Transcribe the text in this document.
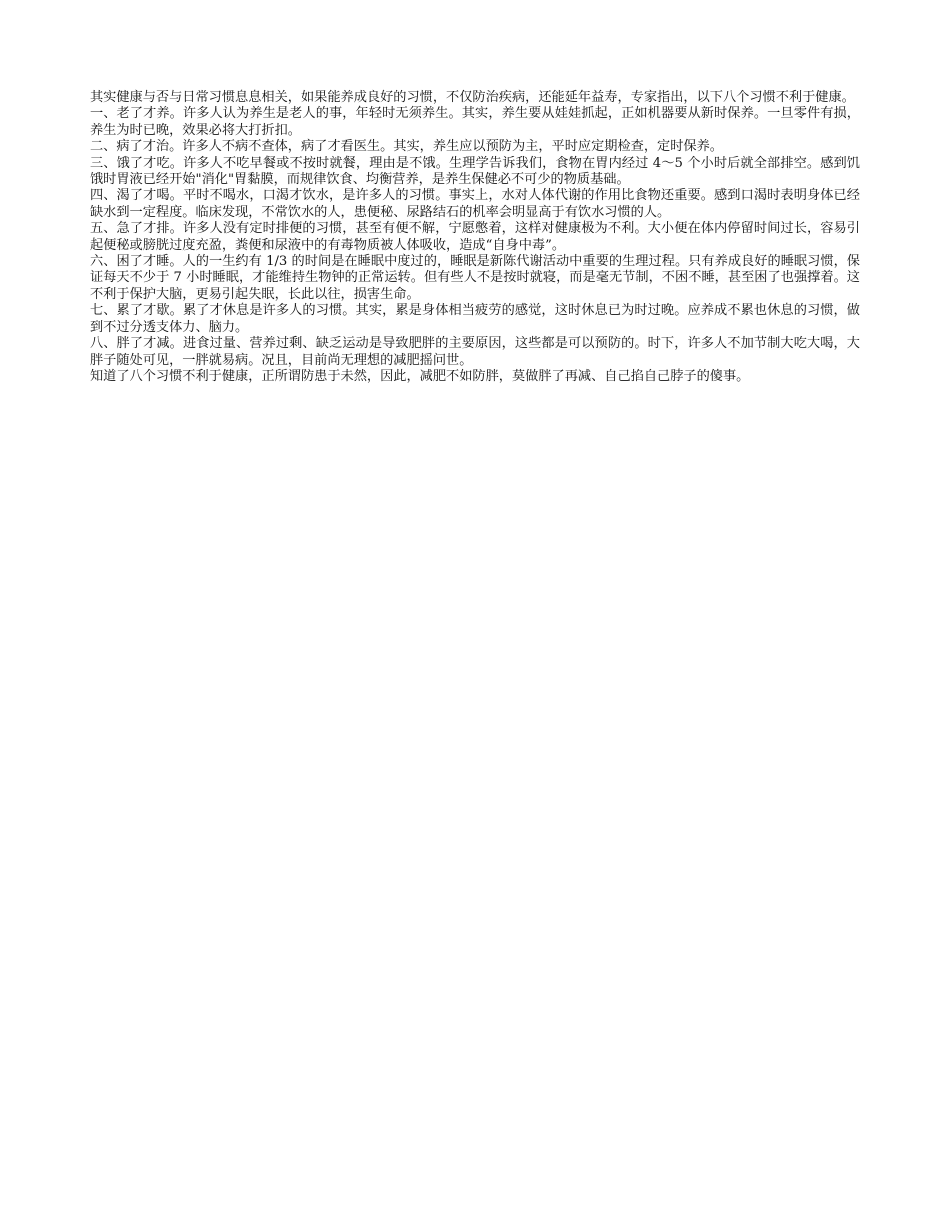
其实健康与否与日常习惯息息相关，如果能养成良好的习惯，不仅防治疾病，还能延年益寿，专家指出，以下八个习惯不利于健康。

一、老了才养。许多人认为养生是老人的事，年轻时无须养生。其实，养生要从娃娃抓起，正如机器要从新时保养。一旦零件有损，养生为时已晚，效果必将大打折扣。

二、病了才治。许多人不病不查体，病了才看医生。其实，养生应以预防为主，平时应定期检查，定时保养。

三、饿了才吃。许多人不吃早餐或不按时就餐，理由是不饿。生理学告诉我们，食物在胃内经过 4～5 个小时后就全部排空。感到饥饿时胃液已经开始"消化"胃黏膜，而规律饮食、均衡营养，是养生保健必不可少的物质基础。

四、渴了才喝。平时不喝水，口渴才饮水，是许多人的习惯。事实上，水对人体代谢的作用比食物还重要。感到口渴时表明身体已经缺水到一定程度。临床发现，不常饮水的人，患便秘、尿路结石的机率会明显高于有饮水习惯的人。

五、急了才排。许多人没有定时排便的习惯，甚至有便不解，宁愿憋着，这样对健康极为不利。大小便在体内停留时间过长，容易引起便秘或膀胱过度充盈，粪便和尿液中的有毒物质被人体吸收，造成“自身中毒”。

六、困了才睡。人的一生约有 1/3 的时间是在睡眠中度过的，睡眠是新陈代谢活动中重要的生理过程。只有养成良好的睡眠习惯，保证每天不少于 7 小时睡眠，才能维持生物钟的正常运转。但有些人不是按时就寝，而是毫无节制，不困不睡，甚至困了也强撑着。这不利于保护大脑，更易引起失眠，长此以往，损害生命。

七、累了才歇。累了才休息是许多人的习惯。其实，累是身体相当疲劳的感觉，这时休息已为时过晚。应养成不累也休息的习惯，做到不过分透支体力、脑力。

八、胖了才减。进食过量、营养过剩、缺乏运动是导致肥胖的主要原因，这些都是可以预防的。时下，许多人不加节制大吃大喝，大胖子随处可见，一胖就易病。况且，目前尚无理想的减肥摇问世。

知道了八个习惯不利于健康，正所谓防患于未然，因此，减肥不如防胖，莫做胖了再减、自己掐自己脖子的傻事。
